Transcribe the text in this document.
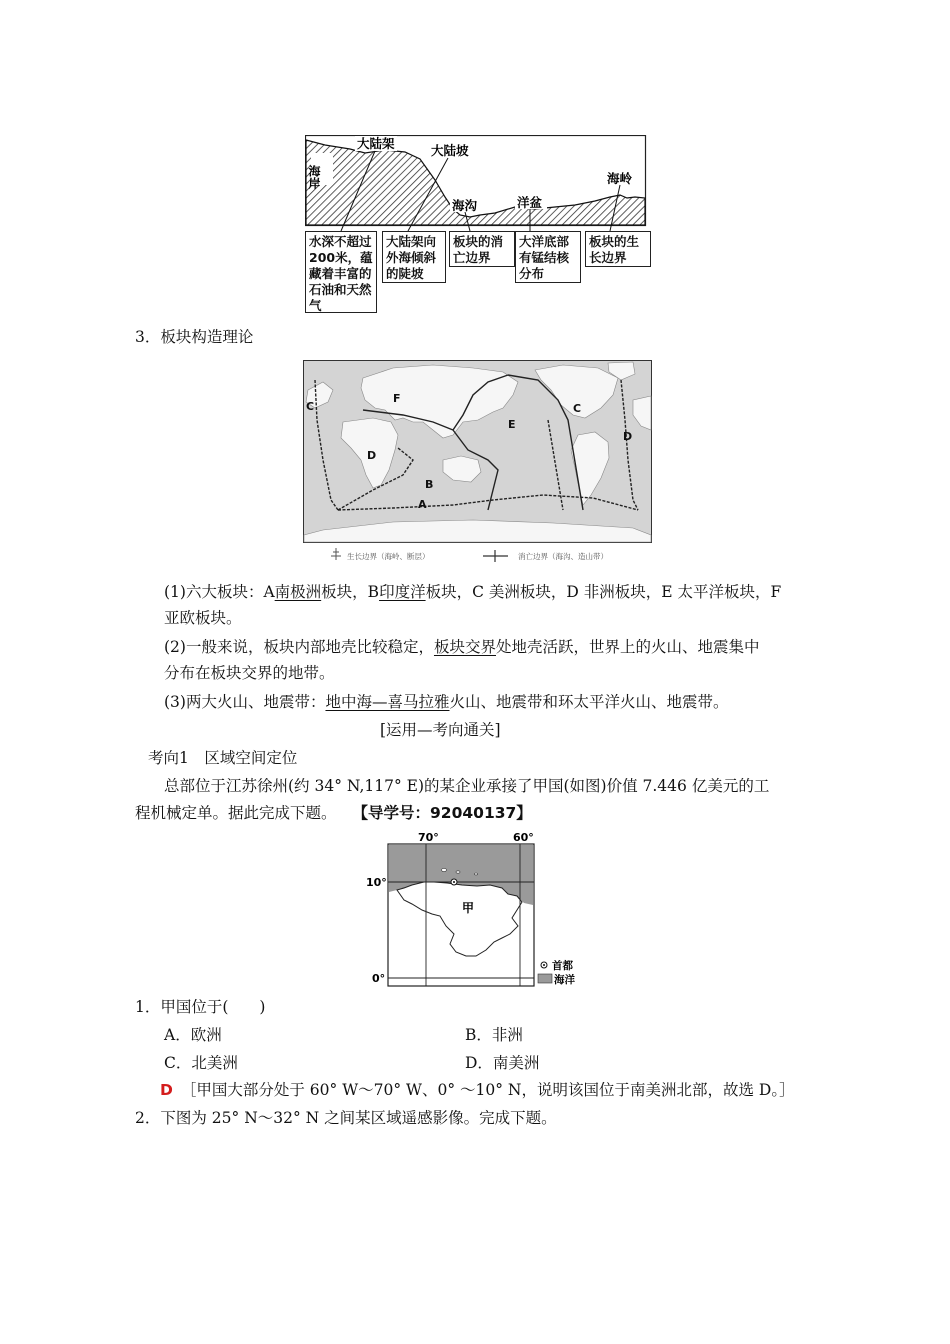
海岸
大陆架	大陆坡
海沟	洋盆
海岭
水深不超过200米，蕴藏着丰富的石油和天然气
大陆架向外海倾斜的陡坡
板块的消亡边界
大洋底部有锰结核分布
板块的生长边界
3．板块构造理论
A
B
C
D
E
F
C
D
生长边界（海岭、断层）	消亡边界（海沟、造山带）
(1)六大板块：A南极洲板块，B印度洋板块，C 美洲板块，D 非洲板块，E 太平洋板块，F
亚欧板块。
(2)一般来说，板块内部地壳比较稳定，板块交界处地壳活跃，世界上的火山、地震集中
分布在板块交界的地带。
(3)两大火山、地震带：地中海—喜马拉雅火山、地震带和环太平洋火山、地震带。
[运用—考向通关]
考向1　区域空间定位
总部位于江苏徐州(约 34° N,117° E)的某企业承接了甲国(如图)价值 7.446 亿美元的工
程机械定单。据此完成下题。 【导学号：92040137】
70°	60°
10°
0°
甲
首都
海洋
1．甲国位于(　　)
A．欧洲	B．非洲
C．北美洲	D．南美洲
D ［甲国大部分处于 60° W～70° W、0° ～10° N，说明该国位于南美洲北部，故选 D。］
2．下图为 25° N～32° N 之间某区域遥感影像。完成下题。
